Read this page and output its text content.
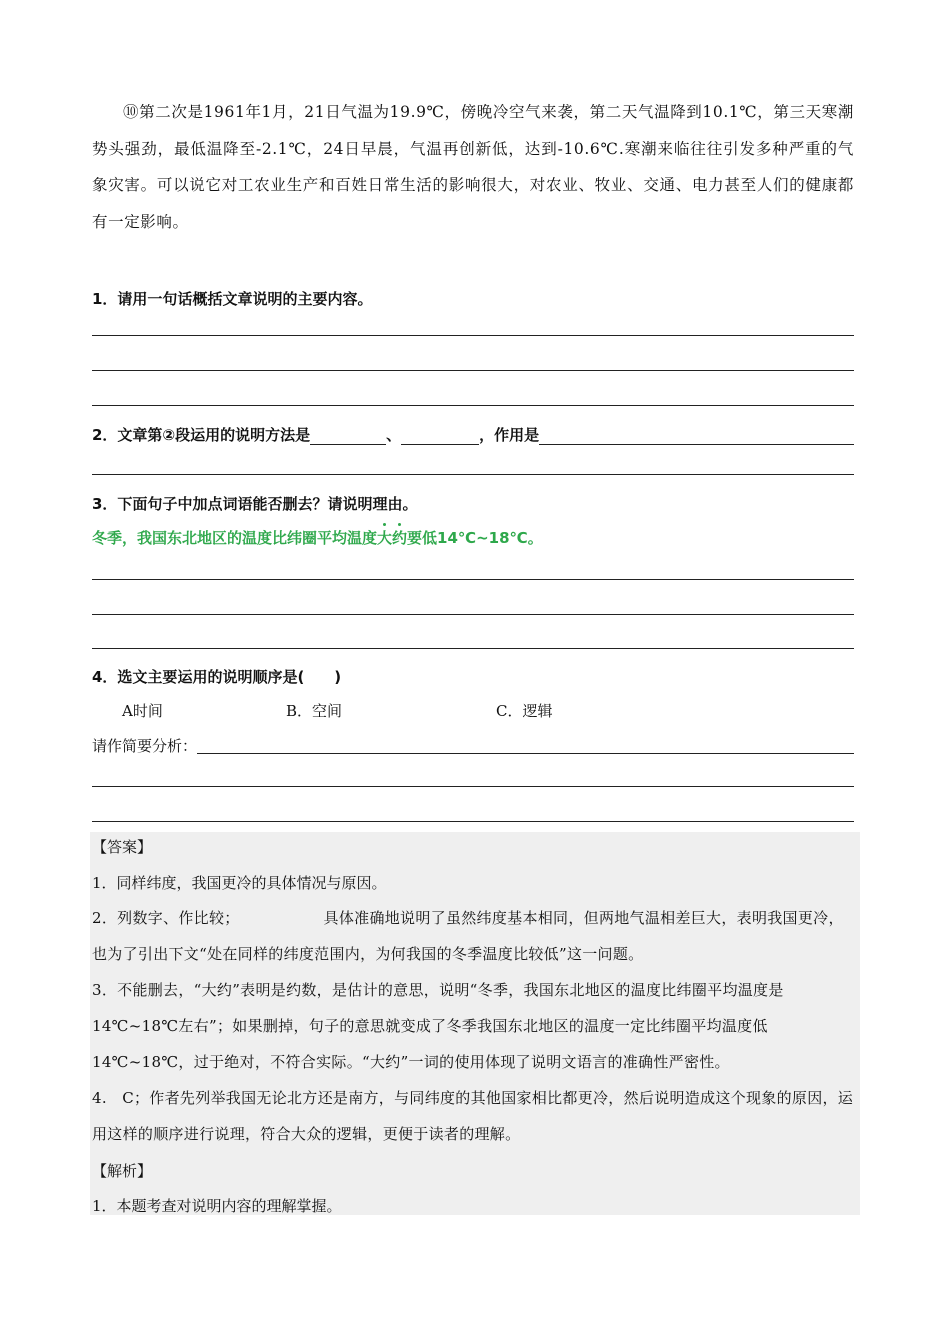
⑩第二次是1961年1月，21日气温为19.9℃，傍晚冷空气来袭，第二天气温降到10.1℃，第三天寒潮势头强劲，最低温降至-2.1℃，24日早晨，气温再创新低，达到-10.6℃.寒潮来临往往引发多种严重的气象灾害。可以说它对工农业生产和百姓日常生活的影响很大，对农业、牧业、交通、电力甚至人们的健康都有一定影响。
1．请用一句话概括文章说明的主要内容。
2．文章第②段运用的说明方法是	、	，作用是
3．下面句子中加点词语能否删去？请说明理由。
冬季，我国东北地区的温度比纬圈平均温度大约要低14℃~18℃。
4．选文主要运用的说明顺序是(　　)
A时间	B．空间	C．逻辑
请作简要分析：
【答案】
1．同样纬度，我国更冷的具体情况与原因。
2．列数字、作比较；	具体准确地说明了虽然纬度基本相同，但两地气温相差巨大，表明我国更冷，也为了引出下文“处在同样的纬度范围内，为何我国的冬季温度比较低”这一问题。
3．不能删去，“大约”表明是约数，是估计的意思，说明“冬季，我国东北地区的温度比纬圈平均温度是14℃~18℃左右”；如果删掉，句子的意思就变成了冬季我国东北地区的温度一定比纬圈平均温度低14℃~18℃，过于绝对，不符合实际。“大约”一词的使用体现了说明文语言的准确性严密性。
4.　C；作者先列举我国无论北方还是南方，与同纬度的其他国家相比都更冷，然后说明造成这个现象的原因，运用这样的顺序进行说理，符合大众的逻辑，更便于读者的理解。
【解析】
1．本题考查对说明内容的理解掌握。
